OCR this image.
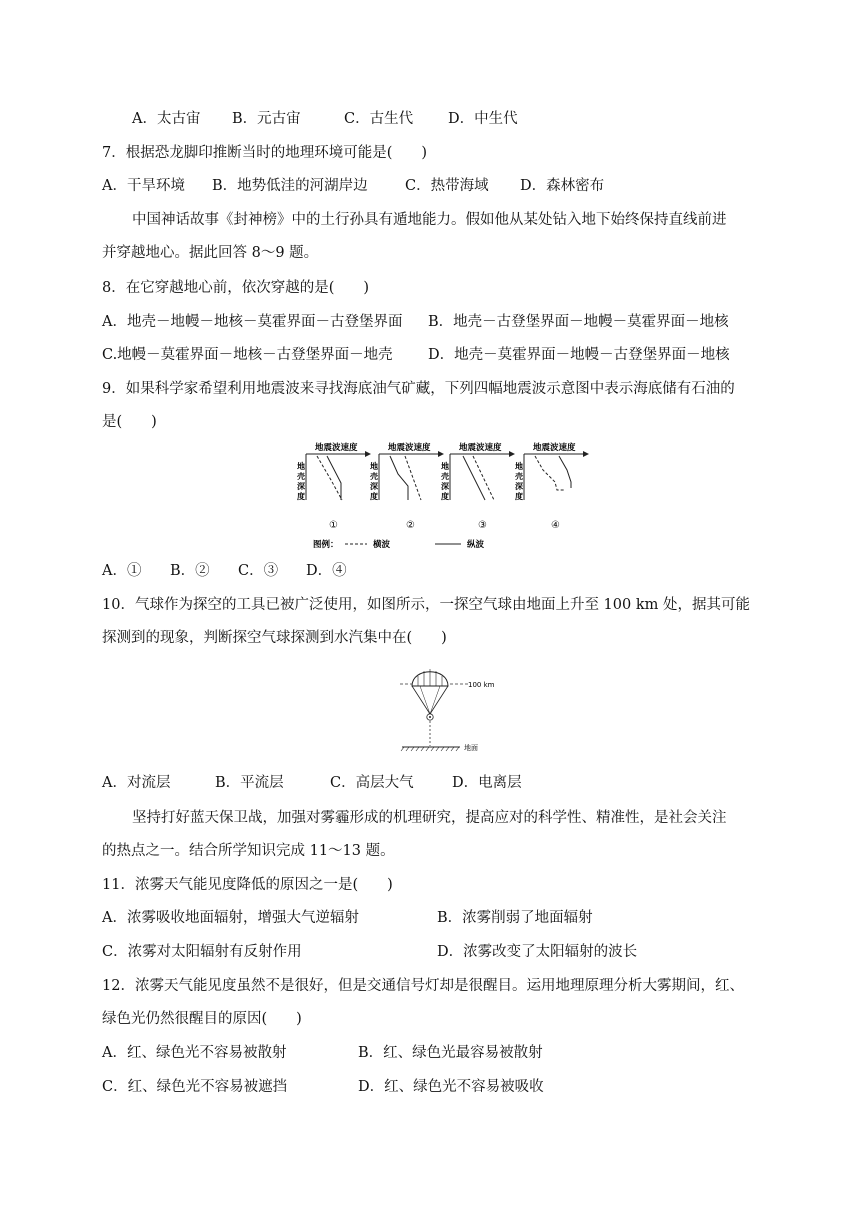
A．太古宙 B．元古宙	C．古生代 D．中生代
7．根据恐龙脚印推断当时的地理环境可能是(　　)
A．干旱环境 B．地势低洼的河湖岸边	C．热带海域 D．森林密布
中国神话故事《封神榜》中的土行孙具有遁地能力。假如他从某处钻入地下始终保持直线前进
并穿越地心。据此回答 8～9 题。
8．在它穿越地心前，依次穿越的是(　　)
A．地壳－地幔－地核－莫霍界面－古登堡界面 B．地壳－古登堡界面－地幔－莫霍界面－地核
C.地幔－莫霍界面－地核－古登堡界面－地壳 D．地壳－莫霍界面－地幔－古登堡界面－地核
9．如果科学家希望利用地震波来寻找海底油气矿藏，下列四幅地震波示意图中表示海底储有石油的
是(　　)
地震波速度
地
壳
深
度
①
地震波速度
地
壳
深
度
②
地震波速度
地
壳
深
度
③
地震波速度
地
壳
深
度
④
图例：	横波	纵波
A．① B．② C．③ D．④
10．气球作为探空的工具已被广泛使用，如图所示，一探空气球由地面上升至 100 km 处，据其可能
探测到的现象，判断探空气球探测到水汽集中在(　　)
100 km
地面
A．对流层	B．平流层	C．高层大气	D．电离层
坚持打好蓝天保卫战，加强对雾霾形成的机理研究，提高应对的科学性、精准性，是社会关注
的热点之一。结合所学知识完成 11～13 题。
11．浓雾天气能见度降低的原因之一是(　　)
A．浓雾吸收地面辐射，增强大气逆辐射	B．浓雾削弱了地面辐射
C．浓雾对太阳辐射有反射作用	D．浓雾改变了太阳辐射的波长
12．浓雾天气能见度虽然不是很好，但是交通信号灯却是很醒目。运用地理原理分析大雾期间，红、
绿色光仍然很醒目的原因(　　)
A．红、绿色光不容易被散射	B．红、绿色光最容易被散射
C．红、绿色光不容易被遮挡	D．红、绿色光不容易被吸收
